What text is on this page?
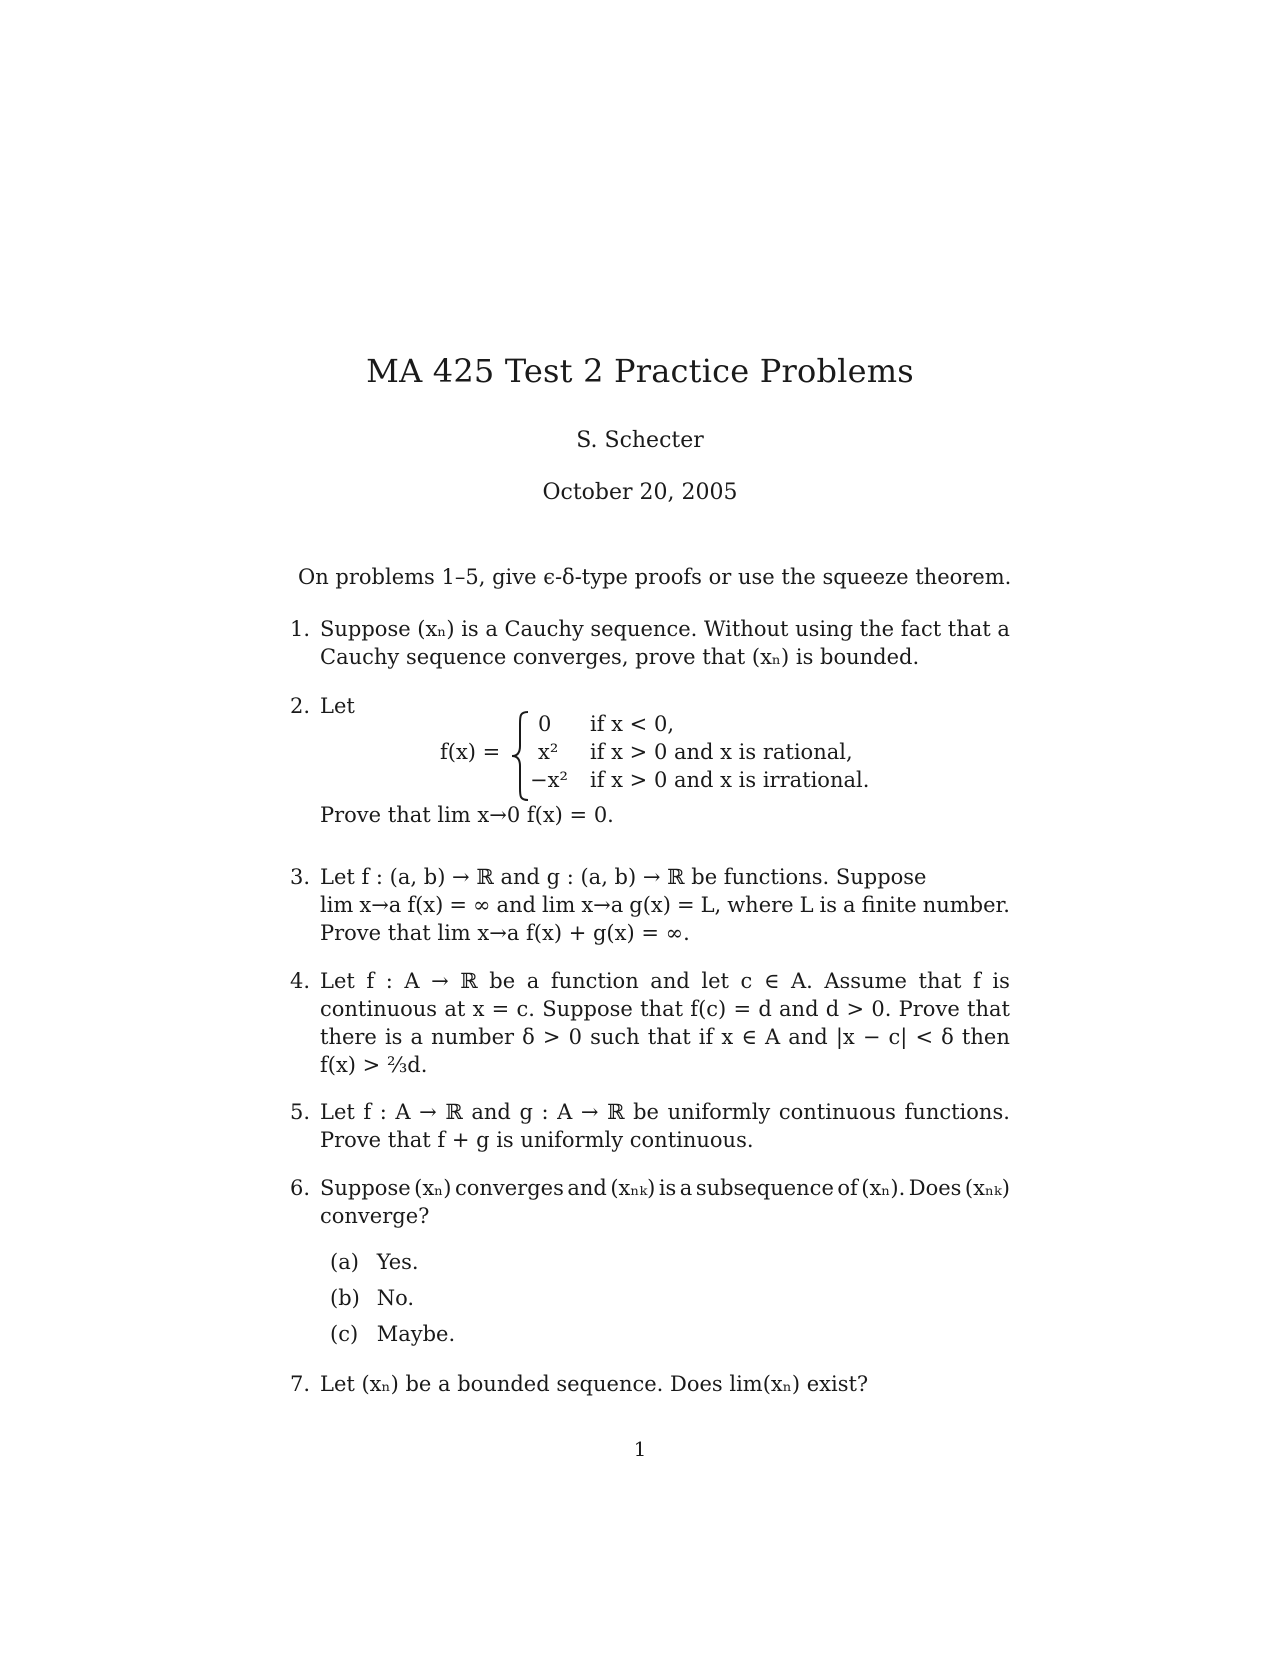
MA 425 Test 2 Practice Problems
S. Schecter
October 20, 2005
On problems 1–5, give ϵ-δ-type proofs or use the squeeze theorem.
1. Suppose (xₙ) is a Cauchy sequence. Without using the fact that a
Cauchy sequence converges, prove that (xₙ) is bounded.
2. Let
f(x) =
0 if x < 0,
x² if x > 0 and x is rational,
−x² if x > 0 and x is irrational.
Prove that lim x→0 f(x) = 0.
3. Let f : (a, b) → ℝ and g : (a, b) → ℝ be functions. Suppose
lim x→a f(x) = ∞ and lim x→a g(x) = L, where L is a finite number.
Prove that lim x→a f(x) + g(x) = ∞.
4. Let f : A → ℝ be a function and let c ∈ A. Assume that f is
continuous at x = c. Suppose that f(c) = d and d > 0. Prove that
there is a number δ > 0 such that if x ∈ A and |x − c| < δ then
f(x) > ⅔d.
5. Let f : A → ℝ and g : A → ℝ be uniformly continuous functions.
Prove that f + g is uniformly continuous.
6. Suppose (xₙ) converges and (xₙₖ) is a subsequence of (xₙ). Does (xₙₖ)
converge?
(a) Yes.
(b) No.
(c) Maybe.
7. Let (xₙ) be a bounded sequence. Does lim(xₙ) exist?
1
